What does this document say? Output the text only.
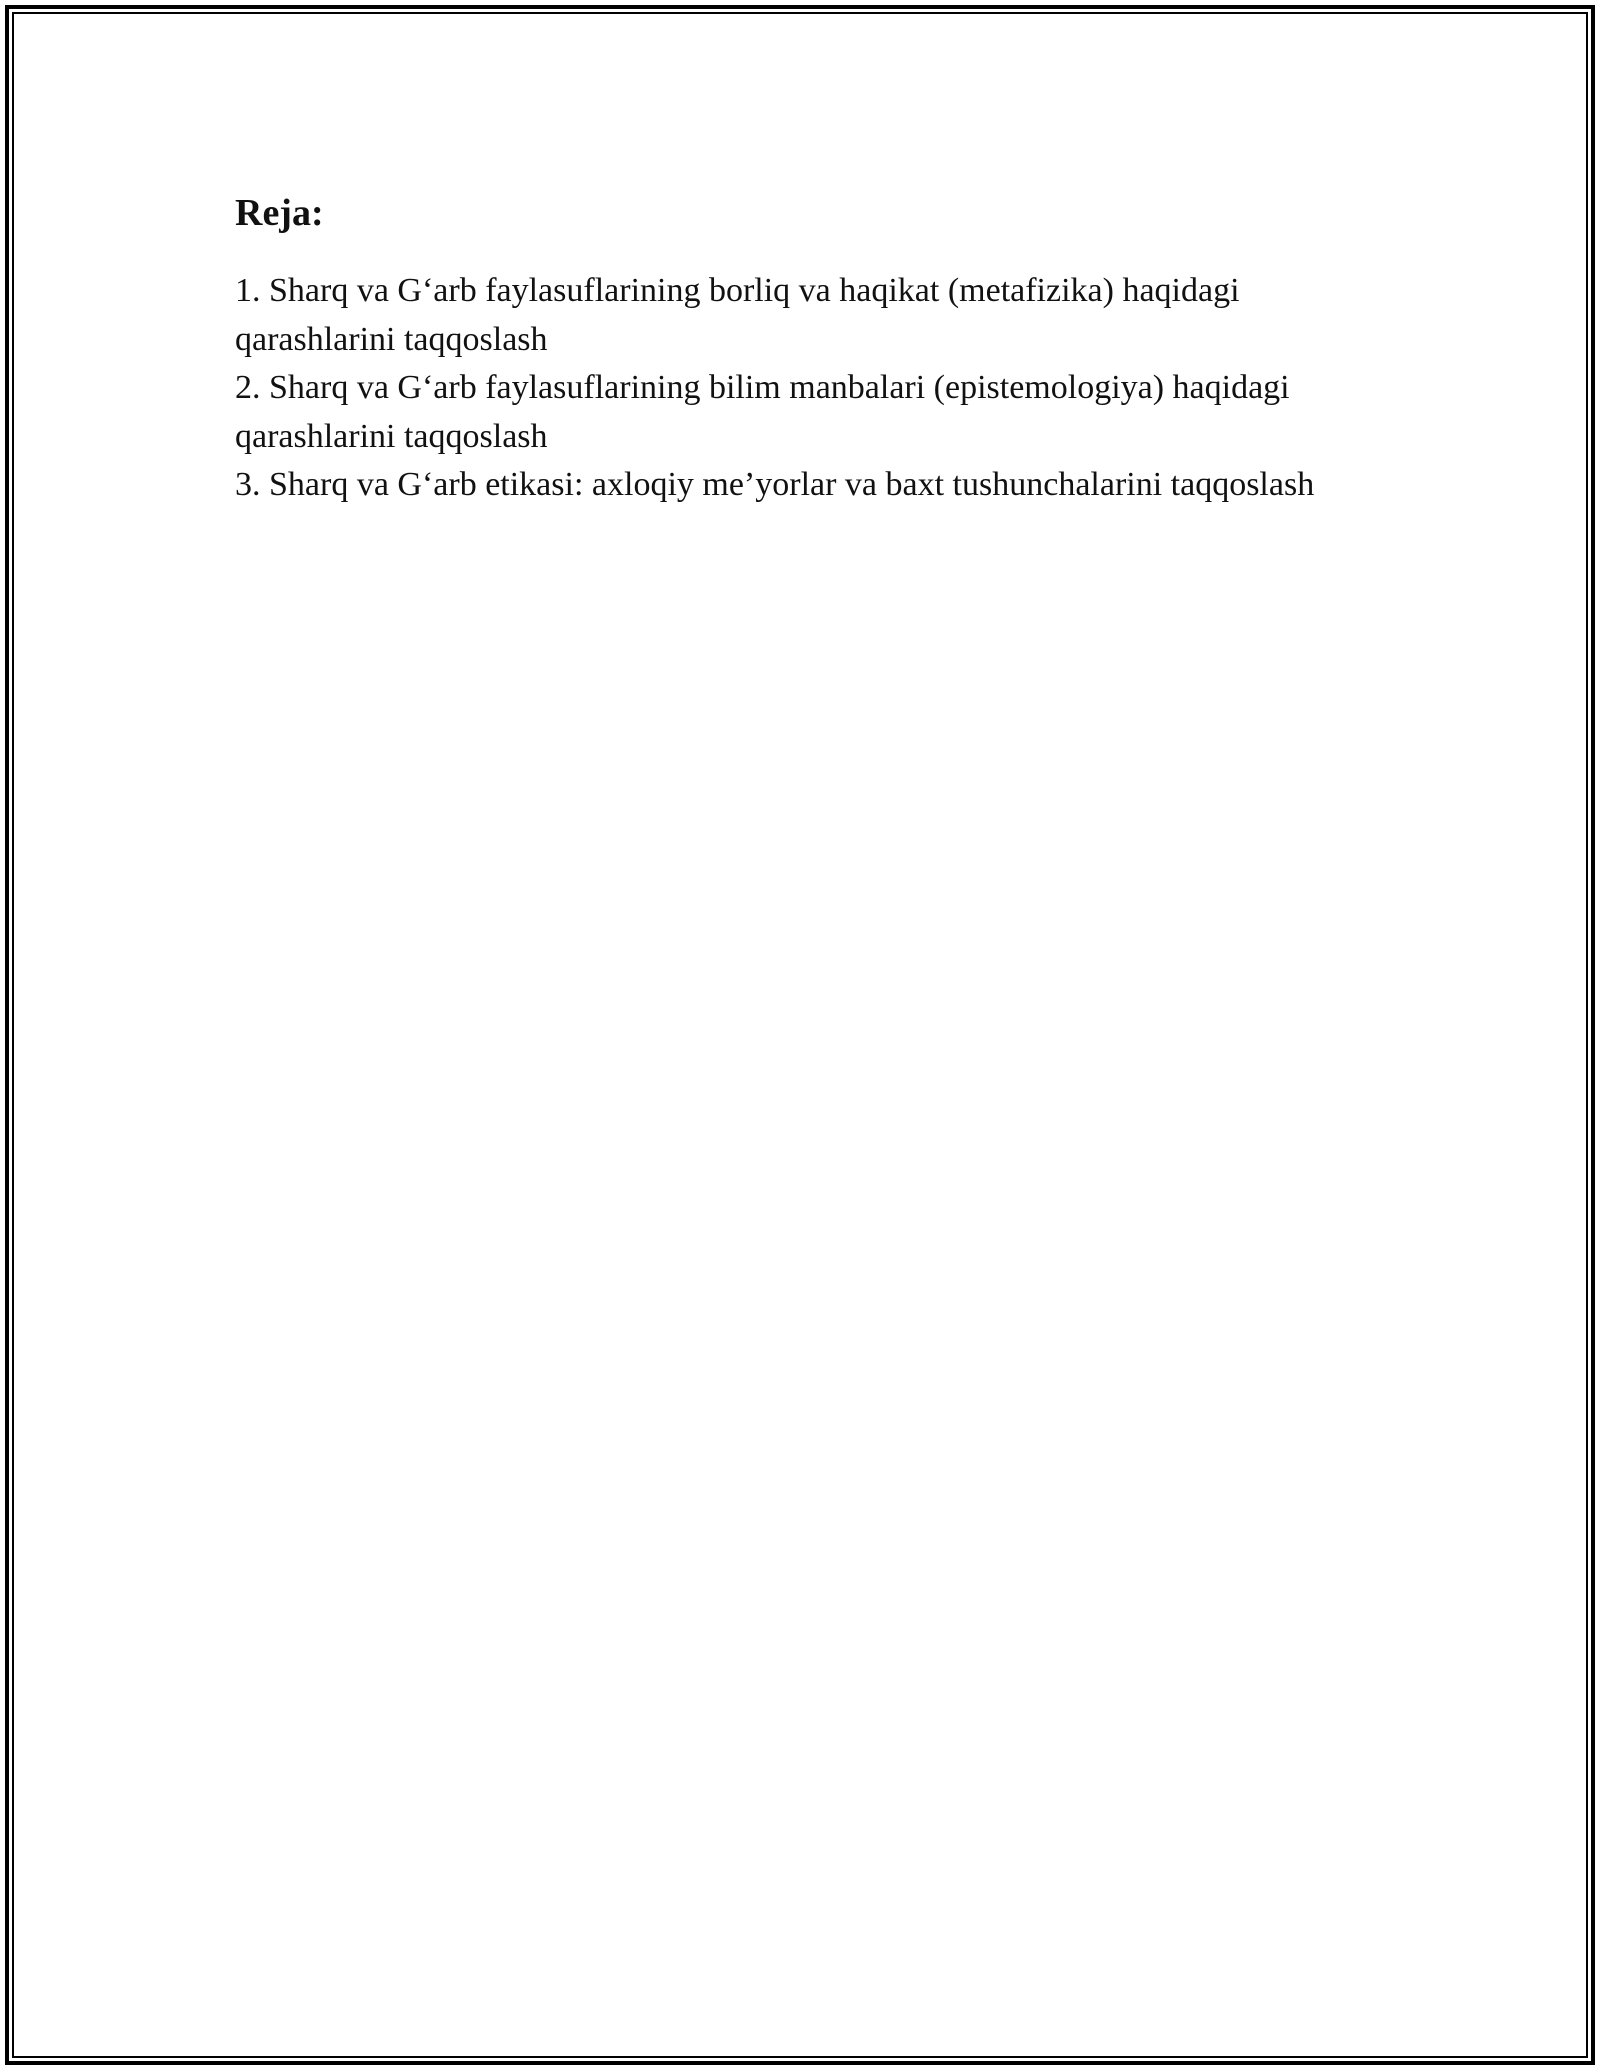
Reja:
1. Sharq va G‘arb faylasuflarining borliq va haqikat (metafizika) haqidagi qarashlarini taqqoslash
2. Sharq va G‘arb faylasuflarining bilim manbalari (epistemologiya) haqidagi qarashlarini taqqoslash
3. Sharq va G‘arb etikasi: axloqiy me’yorlar va baxt tushunchalarini taqqoslash
